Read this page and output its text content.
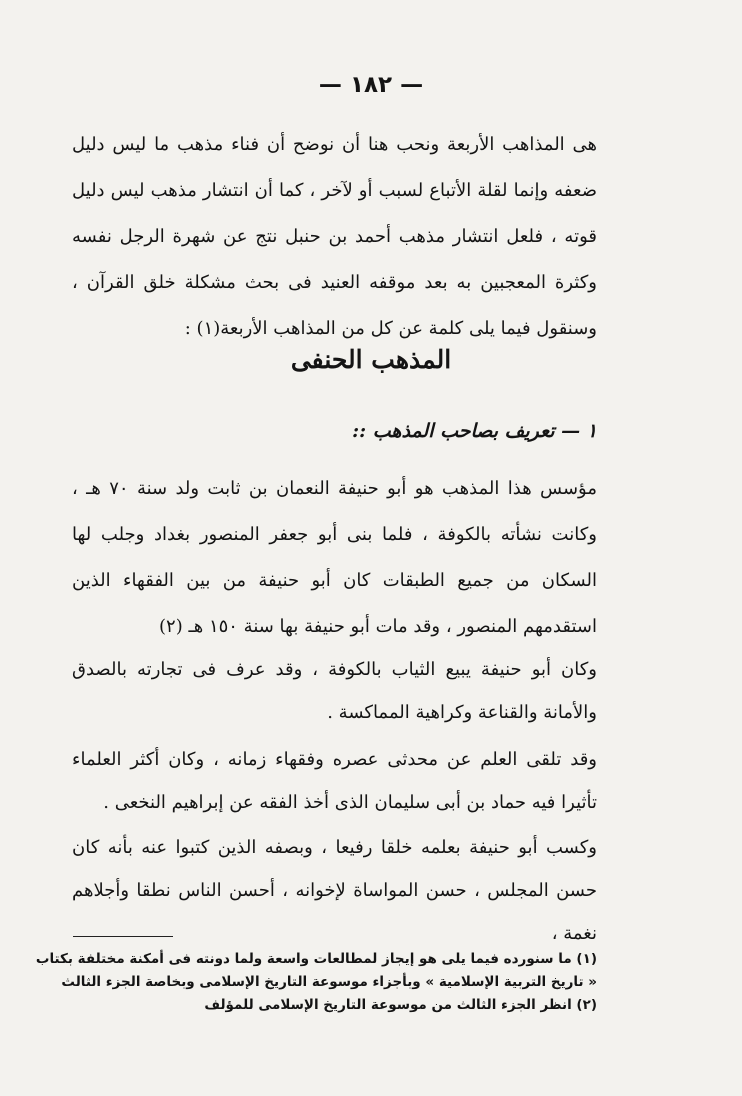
— ١٨٢ —

هى المذاهب الأربعة ونحب هنا أن نوضح أن فناء مذهب ما ليس دليل ضعفه وإنما لقلة الأتباع لسبب أو لآخر ، كما أن انتشار مذهب ليس دليل قوته ، فلعل انتشار مذهب أحمد بن حنبل نتج عن شهرة الرجل نفسه وكثرة المعجبين به بعد موقفه العنيد فى بحث مشكلة خلق القرآن ، وسنقول فيما يلى كلمة عن كل من المذاهب الأربعة(١) :

المذهب الحنفى
١ — تعريف بصاحب المذهب ::

مؤسس هذا المذهب هو أبو حنيفة النعمان بن ثابت ولد سنة ٧٠ هـ ، وكانت نشأته بالكوفة ، فلما بنى أبو جعفر المنصور بغداد وجلب لها السكان من جميع الطبقات كان أبو حنيفة من بين الفقهاء الذين استقدمهم المنصور ، وقد مات أبو حنيفة بها سنة ١٥٠ هـ (٢)

وكان أبو حنيفة يبيع الثياب بالكوفة ، وقد عرف فى تجارته بالصدق والأمانة والقناعة وكراهية المماكسة .

وقد تلقى العلم عن محدثى عصره وفقهاء زمانه ، وكان أكثر العلماء تأثيرا فيه حماد بن أبى سليمان الذى أخذ الفقه عن إبراهيم النخعى .

وكسب أبو حنيفة بعلمه خلقا رفيعا ، وبصفه الذين كتبوا عنه بأنه كان حسن المجلس ، حسن المواساة لإخوانه ، أحسن الناس نطقا وأجلاهم نغمة ،

(١) ما سنورده فيما يلى هو إيجاز لمطالعات واسعة ولما دونته فى أمكنة مختلفة بكتاب
« تاريخ التربية الإسلامية » وبأجزاء موسوعة التاريخ الإسلامى وبخاصة الجزء الثالث
(٢) انظر الجزء الثالث من موسوعة التاريخ الإسلامى للمؤلف
